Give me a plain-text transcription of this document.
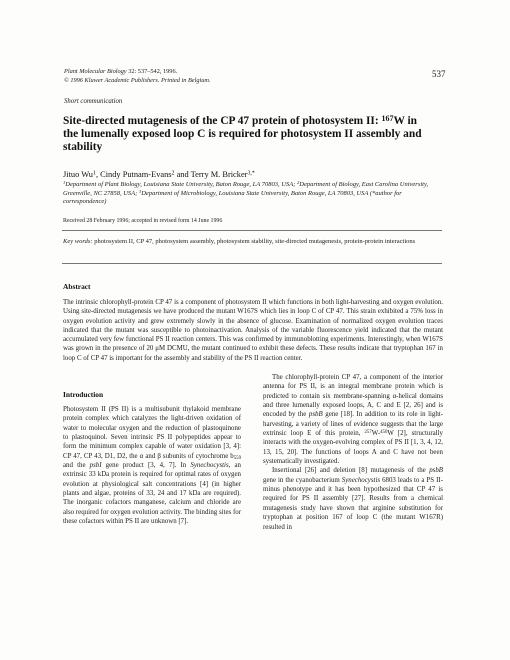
Plant Molecular Biology 32: 537–542, 1996.
© 1996 Kluwer Academic Publishers. Printed in Belgium.
537
Short communication
Site-directed mutagenesis of the CP 47 protein of photosystem II: $^{167}$W in
the lumenally exposed loop C is required for photosystem II assembly and
stability
Jituo Wu$^1$, Cindy Putnam-Evans$^2$ and Terry M. Bricker$^{3,*}$
$^1$Department of Plant Biology, Louisiana State University, Baton Rouge, LA 70803, USA; $^2$Department of Biology, East Carolina University, Greenville, NC 27858, USA; $^3$Department of Microbiology, Louisiana State University, Baton Rouge, LA 70803, USA (*author for correspondence)
Received 28 February 1996; accepted in revised form 14 June 1996
Key words: photosystem II, CP 47, photosystem assembly, photosystem stability, site-directed mutagenesis, protein-protein interactions
Abstract
The intrinsic chlorophyll-protein CP 47 is a component of photosystem II which functions in both light-harvesting and oxygen evolution. Using site-directed mutagenesis we have produced the mutant W167S which lies in loop C of CP 47. This strain exhibited a 75% loss in oxygen evolution activity and grew extremely slowly in the absence of glucose. Examination of normalized oxygen evolution traces indicated that the mutant was susceptible to photoinactivation. Analysis of the variable fluorescence yield indicated that the mutant accumulated very few functional PS II reaction centers. This was confirmed by immunoblotting experiments. Interestingly, when W167S was grown in the presence of 20 μM DCMU, the mutant continued to exhibit these defects. These results indicate that tryptophan 167 in loop C of CP 47 is important for the assembly and stability of the PS II reaction center.
Introduction

Photosystem II (PS II) is a multisubunit thylakoid membrane protein complex which catalyzes the light-driven oxidation of water to molecular oxygen and the reduction of plastoquinone to plastoquinol. Seven intrinsic PS II polypeptides appear to form the minimum complex capable of water oxidation [3, 4]: CP 47, CP 43, D1, D2, the α and β subunits of cytochrome $b_{559}$ and the psbI gene product [3, 4, 7]. In Synechocystis, an extrinsic 33 kDa protein is required for optimal rates of oxygen evolution at physiological salt concentrations [4] (in higher plants and algae, proteins of 33, 24 and 17 kDa are required). The inorganic cofactors manganese, calcium and chloride are also required for oxygen evolution activity. The binding sites for these cofactors within PS II are unknown [7].

The chlorophyll-protein CP 47, a component of the interior antenna for PS II, is an integral membrane protein which is predicted to contain six membrane-spanning α-helical domains and three lumenally exposed loops, A, C and E [2, 26] and is encoded by the psbB gene [18]. In addition to its role in light-harvesting, a variety of lines of evidence suggests that the large extrinsic loop E of this protein, $^{257}$W-$^{450}$W [2], structurally interacts with the oxygen-evolving complex of PS II [1, 3, 4, 12, 13, 15, 20]. The functions of loops A and C have not been systematically investigated.

Insertional [26] and deletion [8] mutagenesis of the psbB gene in the cyanobacterium Synechocystis 6803 leads to a PS II-minus phenotype and it has been hypothesized that CP 47 is required for PS II assembly [27]. Results from a chemical mutagenesis study have shown that arginine substitution for tryptophan at position 167 of loop C (the mutant W167R) resulted in
